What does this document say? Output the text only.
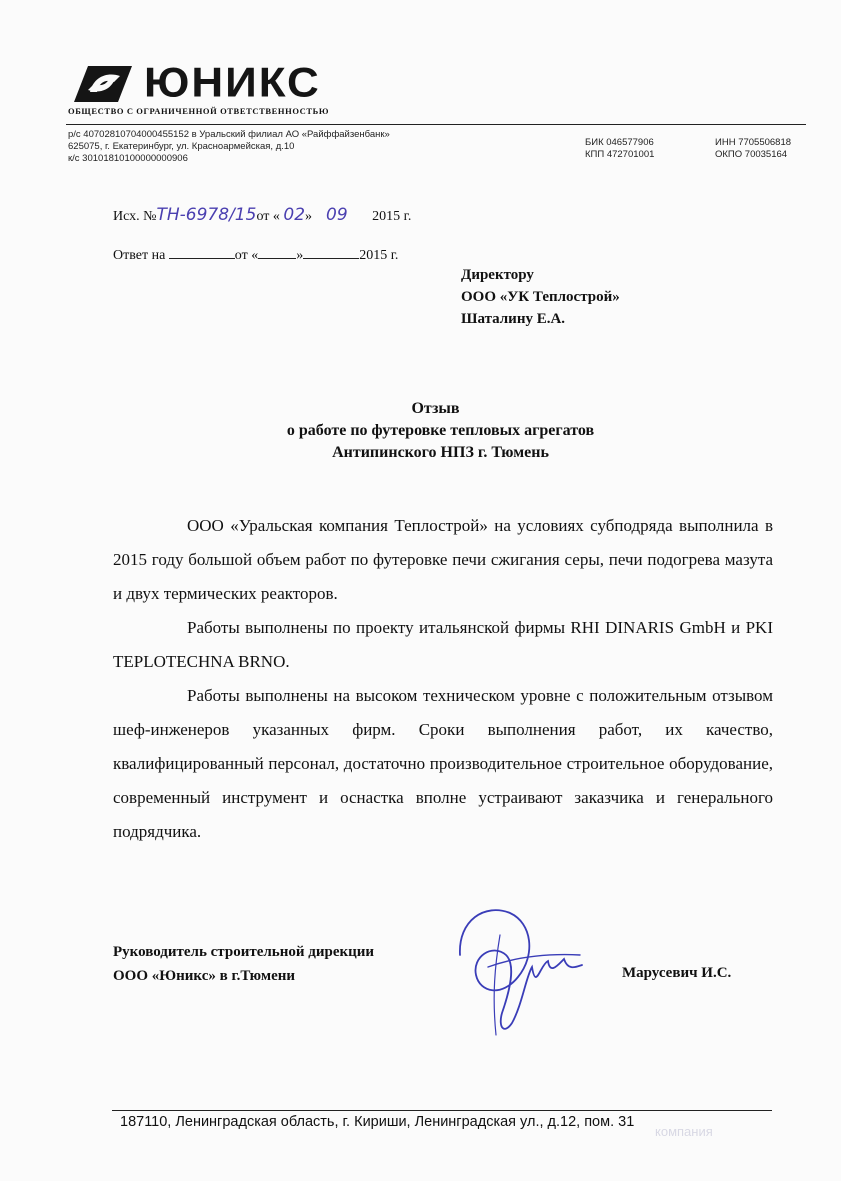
ЮНИКС
ОБЩЕСТВО С ОГРАНИЧЕННОЙ ОТВЕТСТВЕННОСТЬЮ
р/с 40702810704000455152 в Уральский филиал АО «Райффайзенбанк»
625075, г. Екатеринбург, ул. Красноармейская, д.10
к/с 30101810100000000906
БИК 046577906
КПП 472701001
ИНН 7705506818
ОКПО 70035164
Исх. №ТН-6978/15от « 02» 09 2015 г.
Ответ на	от «	»	2015 г.
Директору
ООО «УК Теплострой»
Шаталину Е.А.
Отзыв
о работе по футеровке тепловых агрегатов
Антипинского НПЗ г. Тюмень

ООО «Уральская компания Теплострой» на условиях субподряда выполнила в 2015 году большой объем работ по футеровке печи сжигания серы, печи подогрева мазута и двух термических реакторов.

Работы выполнены по проекту итальянской фирмы RHI DINARIS GmbH и PKI TEPLOTECHNA BRNO.

Работы выполнены на высоком техническом уровне с положительным отзывом шеф-инженеров указанных фирм. Сроки выполнения работ, их качество, квалифицированный персонал, достаточно производительное строительное оборудование, современный инструмент и оснастка вполне устраивают заказчика и генерального подрядчика.

Руководитель строительной дирекции
ООО «Юникс» в г.Тюмени	Марусевич И.С.
187110, Ленинградская область, г. Кириши, Ленинградская ул., д.12, пом. 31
компания
